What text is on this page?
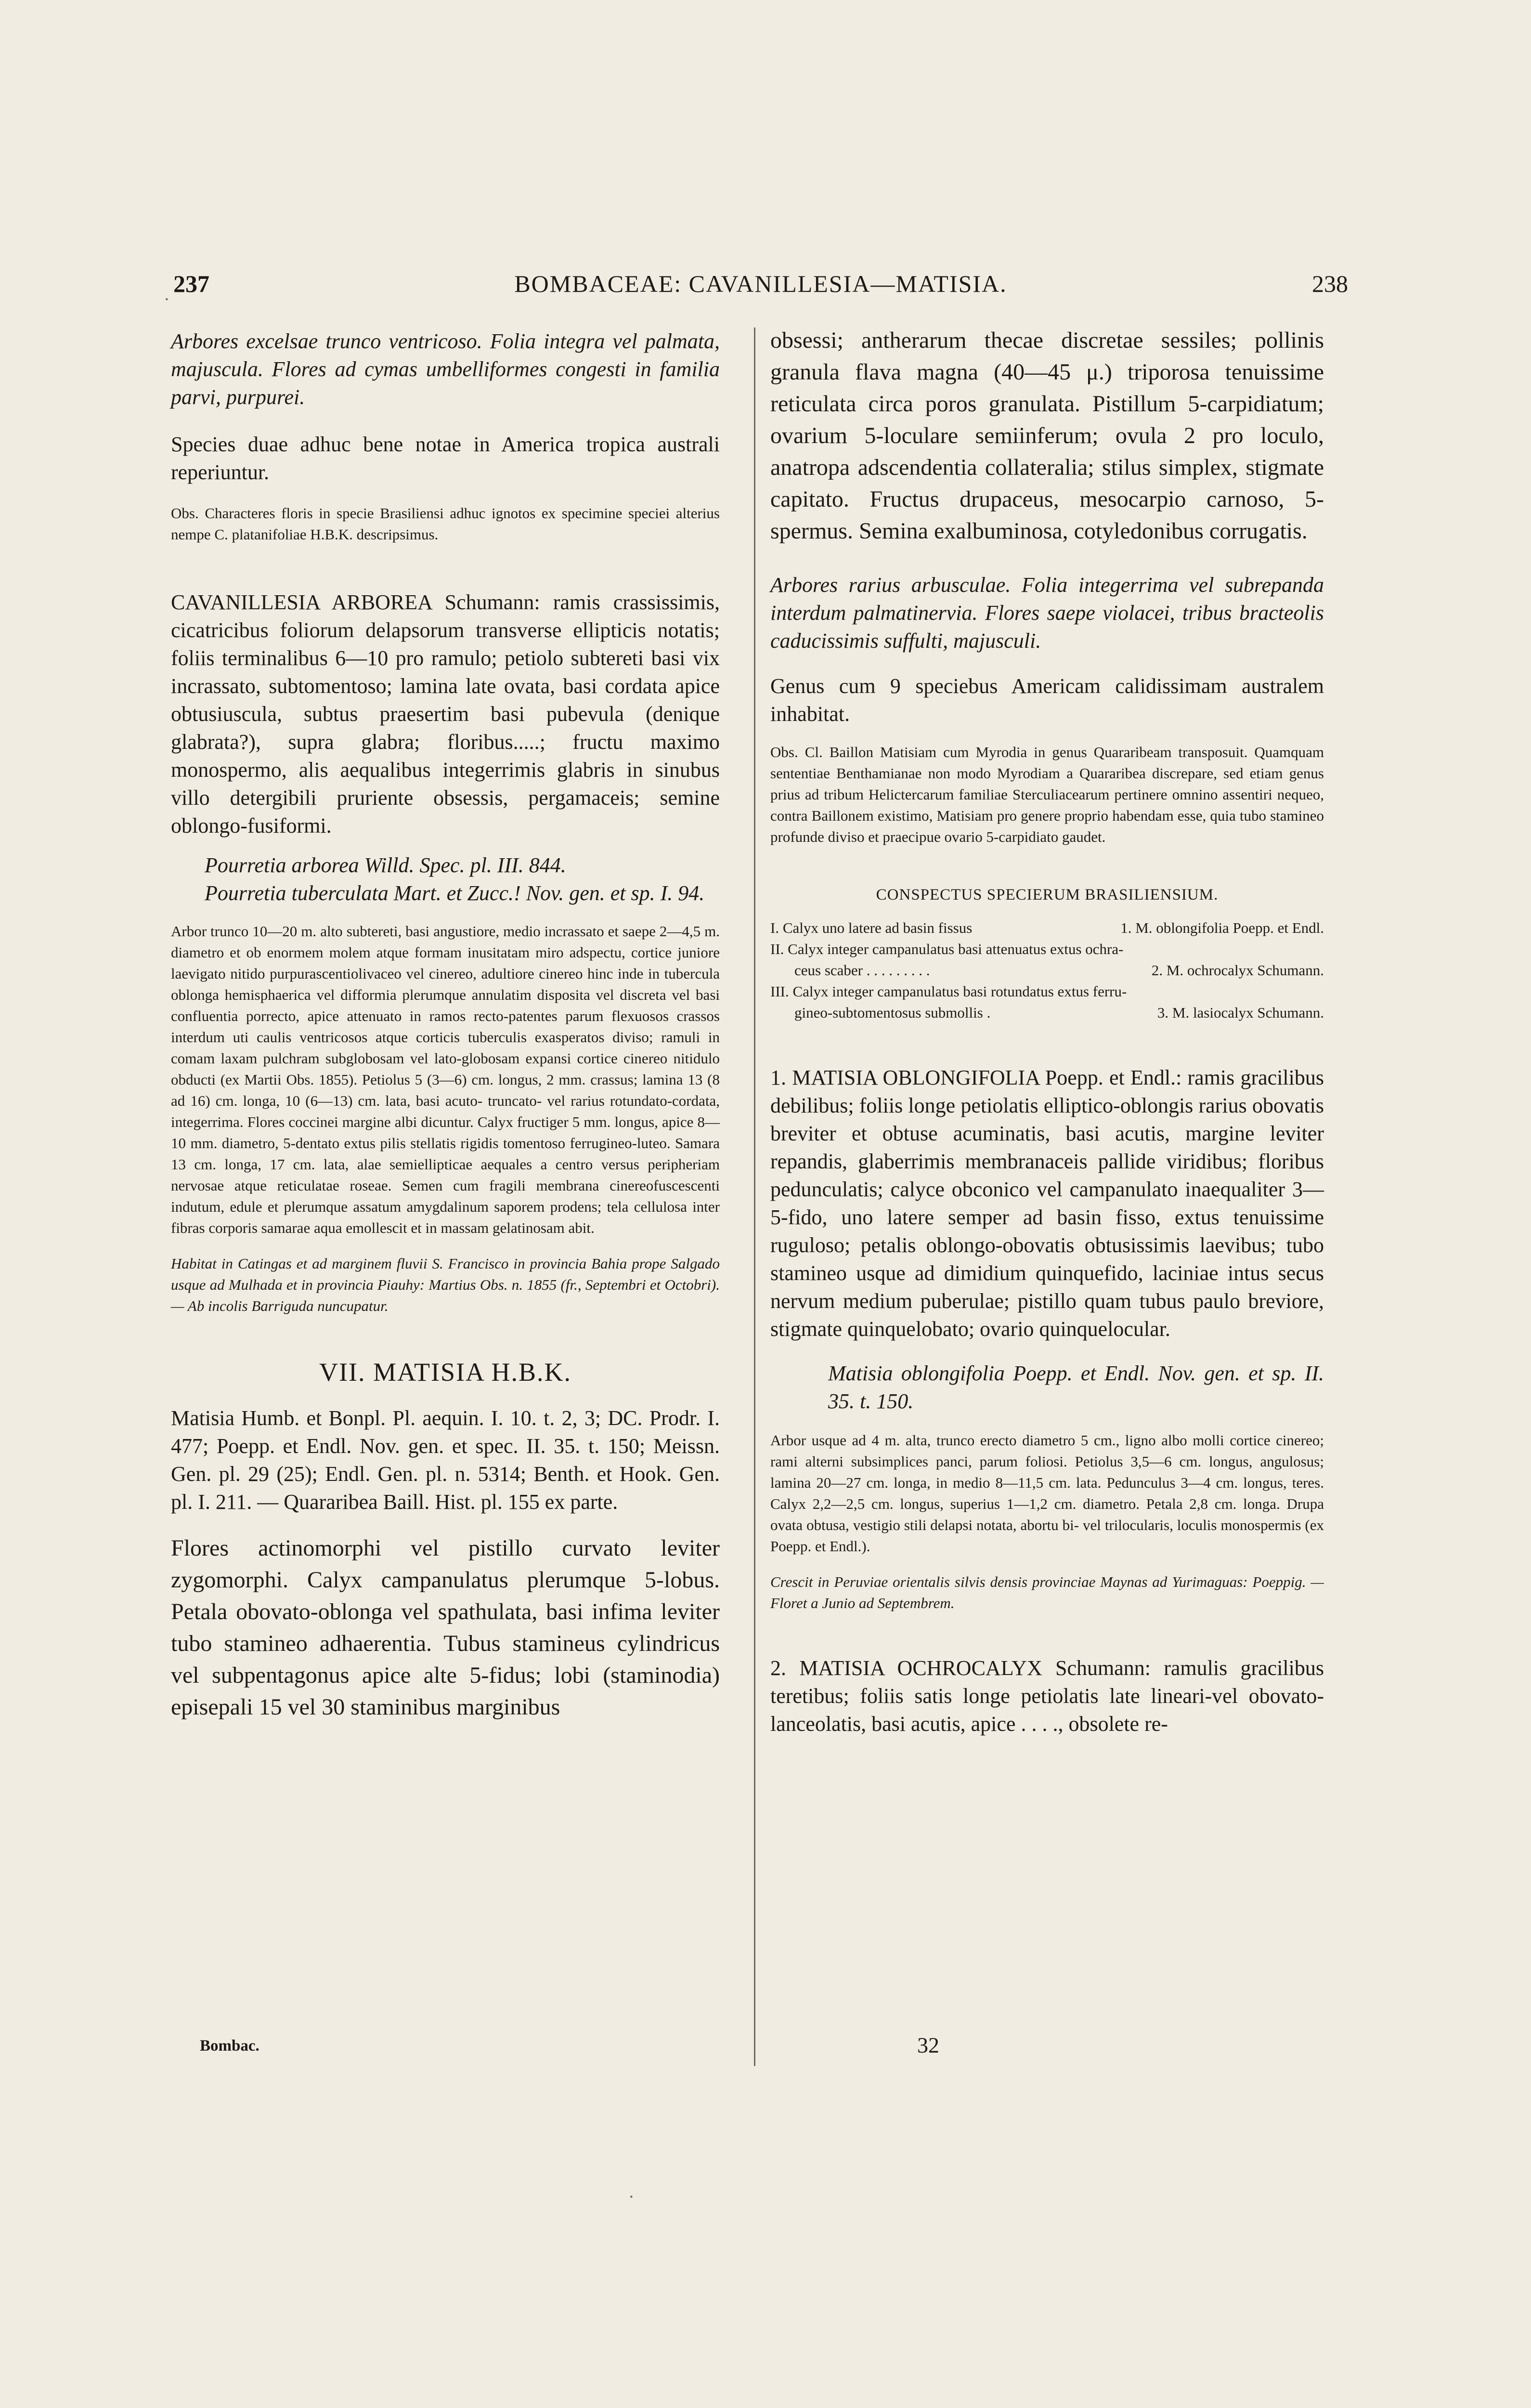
237	BOMBACEAE: CAVANILLESIA—MATISIA.	238

Arbores excelsae trunco ventricoso. Folia integra vel palmata, majuscula. Flores ad cymas umbelliformes congesti in familia parvi, purpurei.

Species duae adhuc bene notae in America tropica australi reperiuntur.

Obs. Characteres floris in specie Brasiliensi adhuc ignotos ex specimine speciei alterius nempe C. platanifoliae H.B.K. descripsimus.

CAVANILLESIA ARBOREA Schumann: ramis crassissimis, cicatricibus foliorum delapsorum transverse ellipticis notatis; foliis terminalibus 6—10 pro ramulo; petiolo subtereti basi vix incrassato, subtomentoso; lamina late ovata, basi cordata apice obtusiuscula, subtus praesertim basi pubevula (denique glabrata?), supra glabra; floribus.....; fructu maximo monospermo, alis aequalibus integerrimis glabris in sinubus villo detergibili pruriente obsessis, pergamaceis; semine oblongo-fusiformi.

Pourretia arborea Willd. Spec. pl. III. 844.

Pourretia tuberculata Mart. et Zucc.! Nov. gen. et sp. I. 94.

Arbor trunco 10—20 m. alto subtereti, basi angustiore, medio incrassato et saepe 2—4,5 m. diametro et ob enormem molem atque formam inusitatam miro adspectu, cortice juniore laevigato nitido purpurascentiolivaceo vel cinereo, adultiore cinereo hinc inde in tubercula oblonga hemisphaerica vel difformia plerumque annulatim disposita vel discreta vel basi confluentia porrecto, apice attenuato in ramos recto-patentes parum flexuosos crassos interdum uti caulis ventricosos atque corticis tuberculis exasperatos diviso; ramuli in comam laxam pulchram subglobosam vel lato-globosam expansi cortice cinereo nitidulo obducti (ex Martii Obs. 1855). Petiolus 5 (3—6) cm. longus, 2 mm. crassus; lamina 13 (8 ad 16) cm. longa, 10 (6—13) cm. lata, basi acuto- truncato- vel rarius rotundato-cordata, integerrima. Flores coccinei margine albi dicuntur. Calyx fructiger 5 mm. longus, apice 8—10 mm. diametro, 5-dentato extus pilis stellatis rigidis tomentoso ferrugineo-luteo. Samara 13 cm. longa, 17 cm. lata, alae semiellipticae aequales a centro versus peripheriam nervosae atque reticulatae roseae. Semen cum fragili membrana cinereofuscescenti indutum, edule et plerumque assatum amygdalinum saporem prodens; tela cellulosa inter fibras corporis samarae aqua emollescit et in massam gelatinosam abit.

Habitat in Catingas et ad marginem fluvii S. Francisco in provincia Bahia prope Salgado usque ad Mulhada et in provincia Piauhy: Martius Obs. n. 1855 (fr., Septembri et Octobri). — Ab incolis Barriguda nuncupatur.

VII. MATISIA H.B.K.

Matisia Humb. et Bonpl. Pl. aequin. I. 10. t. 2, 3; DC. Prodr. I. 477; Poepp. et Endl. Nov. gen. et spec. II. 35. t. 150; Meissn. Gen. pl. 29 (25); Endl. Gen. pl. n. 5314; Benth. et Hook. Gen. pl. I. 211. — Quararibea Baill. Hist. pl. 155 ex parte.

Flores actinomorphi vel pistillo curvato leviter zygomorphi. Calyx campanulatus plerumque 5-lobus. Petala obovato-oblonga vel spathulata, basi infima leviter tubo stamineo adhaerentia. Tubus stamineus cylindricus vel subpentagonus apice alte 5-fidus; lobi (staminodia) episepali 15 vel 30 staminibus marginibus

obsessi; antherarum thecae discretae sessiles; pollinis granula flava magna (40—45 μ.) triporosa tenuissime reticulata circa poros granulata. Pistillum 5-carpidiatum; ovarium 5-loculare semiinferum; ovula 2 pro loculo, anatropa adscendentia collateralia; stilus simplex, stigmate capitato. Fructus drupaceus, mesocarpio carnoso, 5-spermus. Semina exalbuminosa, cotyledonibus corrugatis.

Arbores rarius arbusculae. Folia integerrima vel subrepanda interdum palmatinervia. Flores saepe violacei, tribus bracteolis caducissimis suffulti, majusculi.

Genus cum 9 speciebus Americam calidissimam australem inhabitat.

Obs. Cl. Baillon Matisiam cum Myrodia in genus Quararibeam transposuit. Quamquam sententiae Benthamianae non modo Myrodiam a Quararibea discrepare, sed etiam genus prius ad tribum Helictercarum familiae Sterculiacearum pertinere omnino assentiri nequeo, contra Baillonem existimo, Matisiam pro genere proprio habendam esse, quia tubo stamineo profunde diviso et praecipue ovario 5-carpidiato gaudet.

CONSPECTUS SPECIERUM BRASILIENSIUM.

I. Calyx uno latere ad basin fissus	1. M. oblongifolia Poepp. et Endl.
II. Calyx integer campanulatus basi attenuatus extus ochra-
ceus scaber . . . . . . . . .	2. M. ochrocalyx Schumann.
III. Calyx integer campanulatus basi rotundatus extus ferru-
gineo-subtomentosus submollis .	3. M. lasiocalyx Schumann.

1. MATISIA OBLONGIFOLIA Poepp. et Endl.: ramis gracilibus debilibus; foliis longe petiolatis elliptico-oblongis rarius obovatis breviter et obtuse acuminatis, basi acutis, margine leviter repandis, glaberrimis membranaceis pallide viridibus; floribus pedunculatis; calyce obconico vel campanulato inaequaliter 3—5-fido, uno latere semper ad basin fisso, extus tenuissime ruguloso; petalis oblongo-obovatis obtusissimis laevibus; tubo stamineo usque ad dimidium quinquefido, laciniae intus secus nervum medium puberulae; pistillo quam tubus paulo breviore, stigmate quinquelobato; ovario quinquelocular.

Matisia oblongifolia Poepp. et Endl. Nov. gen. et sp. II. 35. t. 150.

Arbor usque ad 4 m. alta, trunco erecto diametro 5 cm., ligno albo molli cortice cinereo; rami alterni subsimplices panci, parum foliosi. Petiolus 3,5—6 cm. longus, angulosus; lamina 20—27 cm. longa, in medio 8—11,5 cm. lata. Pedunculus 3—4 cm. longus, teres. Calyx 2,2—2,5 cm. longus, superius 1—1,2 cm. diametro. Petala 2,8 cm. longa. Drupa ovata obtusa, vestigio stili delapsi notata, abortu bi- vel trilocularis, loculis monospermis (ex Poepp. et Endl.).

Crescit in Peruviae orientalis silvis densis provinciae Maynas ad Yurimaguas: Poeppig. — Floret a Junio ad Septembrem.

2. MATISIA OCHROCALYX Schumann: ramulis gracilibus teretibus; foliis satis longe petiolatis late lineari-vel obovato-lanceolatis, basi acutis, apice . . . ., obsolete re-

Bombac.	32
·
·
